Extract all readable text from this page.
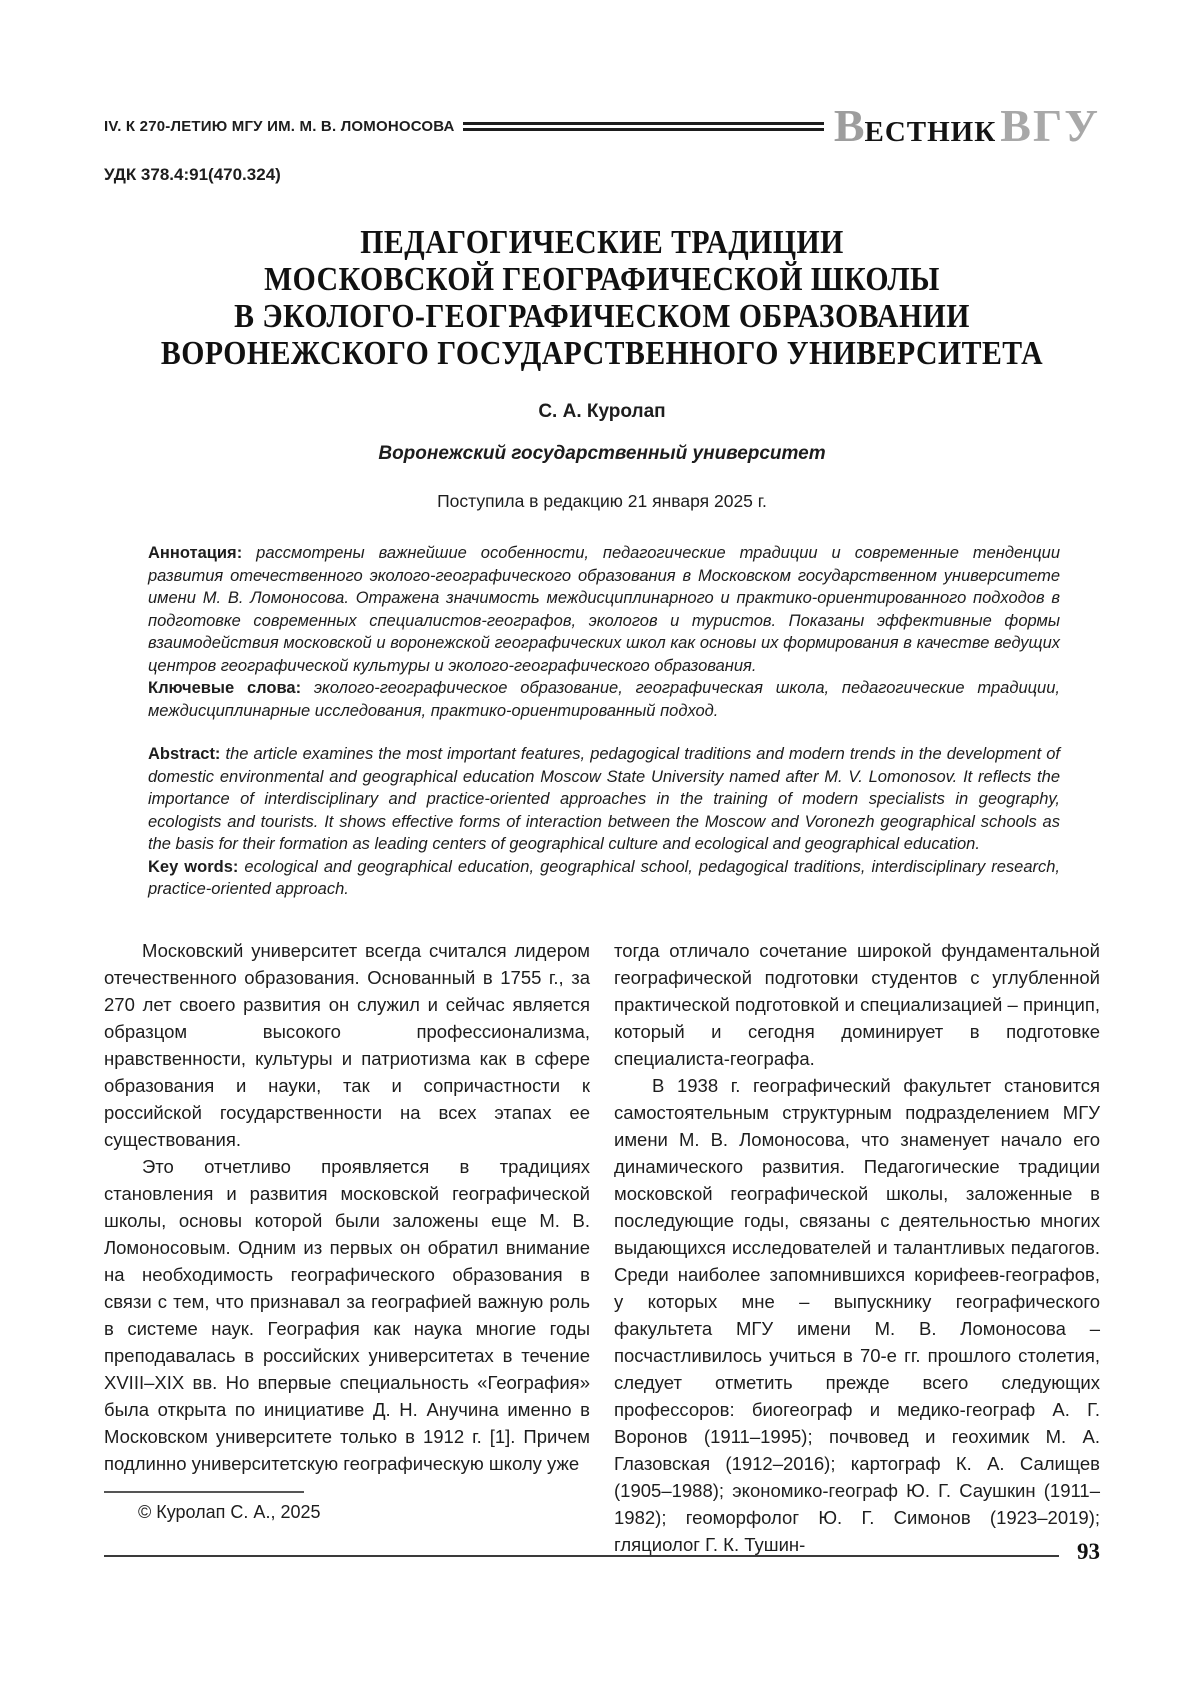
IV. К 270-ЛЕТИЮ МГУ ИМ. М. В. ЛОМОНОСОВА	ВЕСТНИК ВГУ
УДК 378.4:91(470.324)
ПЕДАГОГИЧЕСКИЕ ТРАДИЦИИ
МОСКОВСКОЙ ГЕОГРАФИЧЕСКОЙ ШКОЛЫ
В ЭКОЛОГО-ГЕОГРАФИЧЕСКОМ ОБРАЗОВАНИИ
ВОРОНЕЖСКОГО ГОСУДАРСТВЕННОГО УНИВЕРСИТЕТА
С. А. Куролап
Воронежский государственный университет
Поступила в редакцию 21 января 2025 г.

Аннотация: рассмотрены важнейшие особенности, педагогические традиции и современные тенденции развития отечественного эколого-географического образования в Московском государственном университете имени М. В. Ломоносова. Отражена значимость междисциплинарного и практико-ориентированного подходов в подготовке современных специалистов-географов, экологов и туристов. Показаны эффективные формы взаимодействия московской и воронежской географических школ как основы их формирования в качестве ведущих центров географической культуры и эколого-географического образования.

Ключевые слова: эколого-географическое образование, географическая школа, педагогические традиции, междисциплинарные исследования, практико-ориентированный подход.

Abstract: the article examines the most important features, pedagogical traditions and modern trends in the development of domestic environmental and geographical education Moscow State University named after M. V. Lomonosov. It reflects the importance of interdisciplinary and practice-oriented approaches in the training of modern specialists in geography, ecologists and tourists. It shows effective forms of interaction between the Moscow and Voronezh geographical schools as the basis for their formation as leading centers of geographical culture and ecological and geographical education.

Key words: ecological and geographical education, geographical school, pedagogical traditions, interdisciplinary research, practice-oriented approach.

Московский университет всегда считался лидером отечественного образования. Основанный в 1755 г., за 270 лет своего развития он служил и сейчас является образцом высокого профессионализма, нравственности, культуры и патриотизма как в сфере образования и науки, так и сопричастности к российской государственности на всех этапах ее существования.

Это отчетливо проявляется в традициях становления и развития московской географической школы, основы которой были заложены еще М. В. Ломоносовым. Одним из первых он обратил внимание на необходимость географического образования в связи с тем, что признавал за географией важную роль в системе наук. География как наука многие годы преподавалась в российских университетах в течение XVIII–XIX вв. Но впервые специальность «География» была открыта по инициативе Д. Н. Анучина именно в Московском университете только в 1912 г. [1]. Причем подлинно университетскую географическую школу уже

© Куролап С. А., 2025

тогда отличало сочетание широкой фундаментальной географической подготовки студентов с углубленной практической подготовкой и специализацией – принцип, который и сегодня доминирует в подготовке специалиста-географа.

В 1938 г. географический факультет становится самостоятельным структурным подразделением МГУ имени М. В. Ломоносова, что знаменует начало его динамического развития. Педагогические традиции московской географической школы, заложенные в последующие годы, связаны с деятельностью многих выдающихся исследователей и талантливых педагогов. Среди наиболее запомнившихся корифеев-географов, у которых мне – выпускнику географического факультета МГУ имени М. В. Ломоносова – посчастливилось учиться в 70-е гг. прошлого столетия, следует отметить прежде всего следующих профессоров: биогеограф и медико-географ А. Г. Воронов (1911–1995); почвовед и геохимик М. А. Глазовская (1912–2016); картограф К. А. Салищев (1905–1988); экономико-географ Ю. Г. Саушкин (1911–1982); геоморфолог Ю. Г. Симонов (1923–2019); гляциолог Г. К. Тушин-	93
